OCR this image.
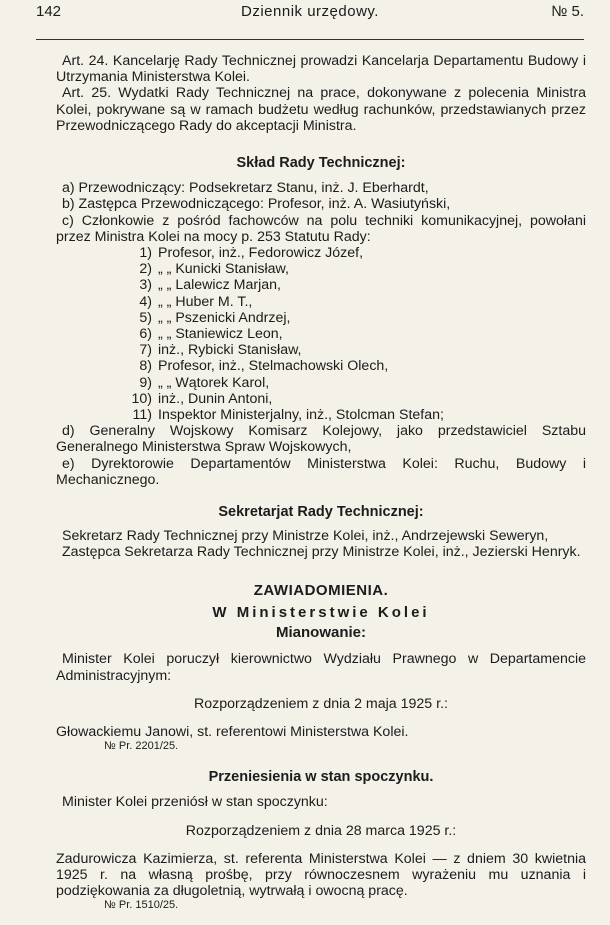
142	Dziennik urzędowy.	№ 5.

Art. 24. Kancelarję Rady Technicznej prowadzi Kancelarja Departamentu Budowy i Utrzymania Ministerstwa Kolei.

Art. 25. Wydatki Rady Technicznej na prace, dokonywane z polecenia Ministra Kolei, pokrywane są w ramach budżetu według rachunków, przedstawianych przez Przewodniczącego Rady do akceptacji Ministra.

Skład Rady Technicznej:

a) Przewodniczący: Podsekretarz Stanu, inż. J. Eberhardt,

b) Zastępca Przewodniczącego: Profesor, inż. A. Wasiutyński,

c) Członkowie z pośród fachowców na polu techniki komunikacyjnej, powołani przez Ministra Kolei na mocy p. 253 Statutu Rady:

1) Profesor, inż., Fedorowicz Józef,
2) „ „ Kunicki Stanisław,
3) „ „ Lalewicz Marjan,
4) „ „ Huber M. T.,
5) „ „ Pszenicki Andrzej,
6) „ „ Staniewicz Leon,
7) inż., Rybicki Stanisław,
8) Profesor, inż., Stelmachowski Olech,
9) „ „ Wątorek Karol,
10) inż., Dunin Antoni,
11) Inspektor Ministerjalny, inż., Stolcman Stefan;

d) Generalny Wojskowy Komisarz Kolejowy, jako przedstawiciel Sztabu Generalnego Ministerstwa Spraw Wojskowych,

e) Dyrektorowie Departamentów Ministerstwa Kolei: Ruchu, Budowy i Mechanicznego.

Sekretarjat Rady Technicznej:

Sekretarz Rady Technicznej przy Ministrze Kolei, inż., Andrzejewski Seweryn,

Zastępca Sekretarza Rady Technicznej przy Ministrze Kolei, inż., Jezierski Henryk.

ZAWIADOMIENIA.
W Ministerstwie Kolei
Mianowanie:

Minister Kolei poruczył kierownictwo Wydziału Prawnego w Departamencie Administracyjnym:

Rozporządzeniem z dnia 2 maja 1925 r.:

Głowackiemu Janowi, st. referentowi Ministerstwa Kolei.

№ Pr. 2201/25.

Przeniesienia w stan spoczynku.

Minister Kolei przeniósł w stan spoczynku:

Rozporządzeniem z dnia 28 marca 1925 r.:

Zadurowicza Kazimierza, st. referenta Ministerstwa Kolei — z dniem 30 kwietnia 1925 r. na własną prośbę, przy równoczesnem wyrażeniu mu uznania i podziękowania za długoletnią, wytrwałą i owocną pracę.

№ Pr. 1510/25.
